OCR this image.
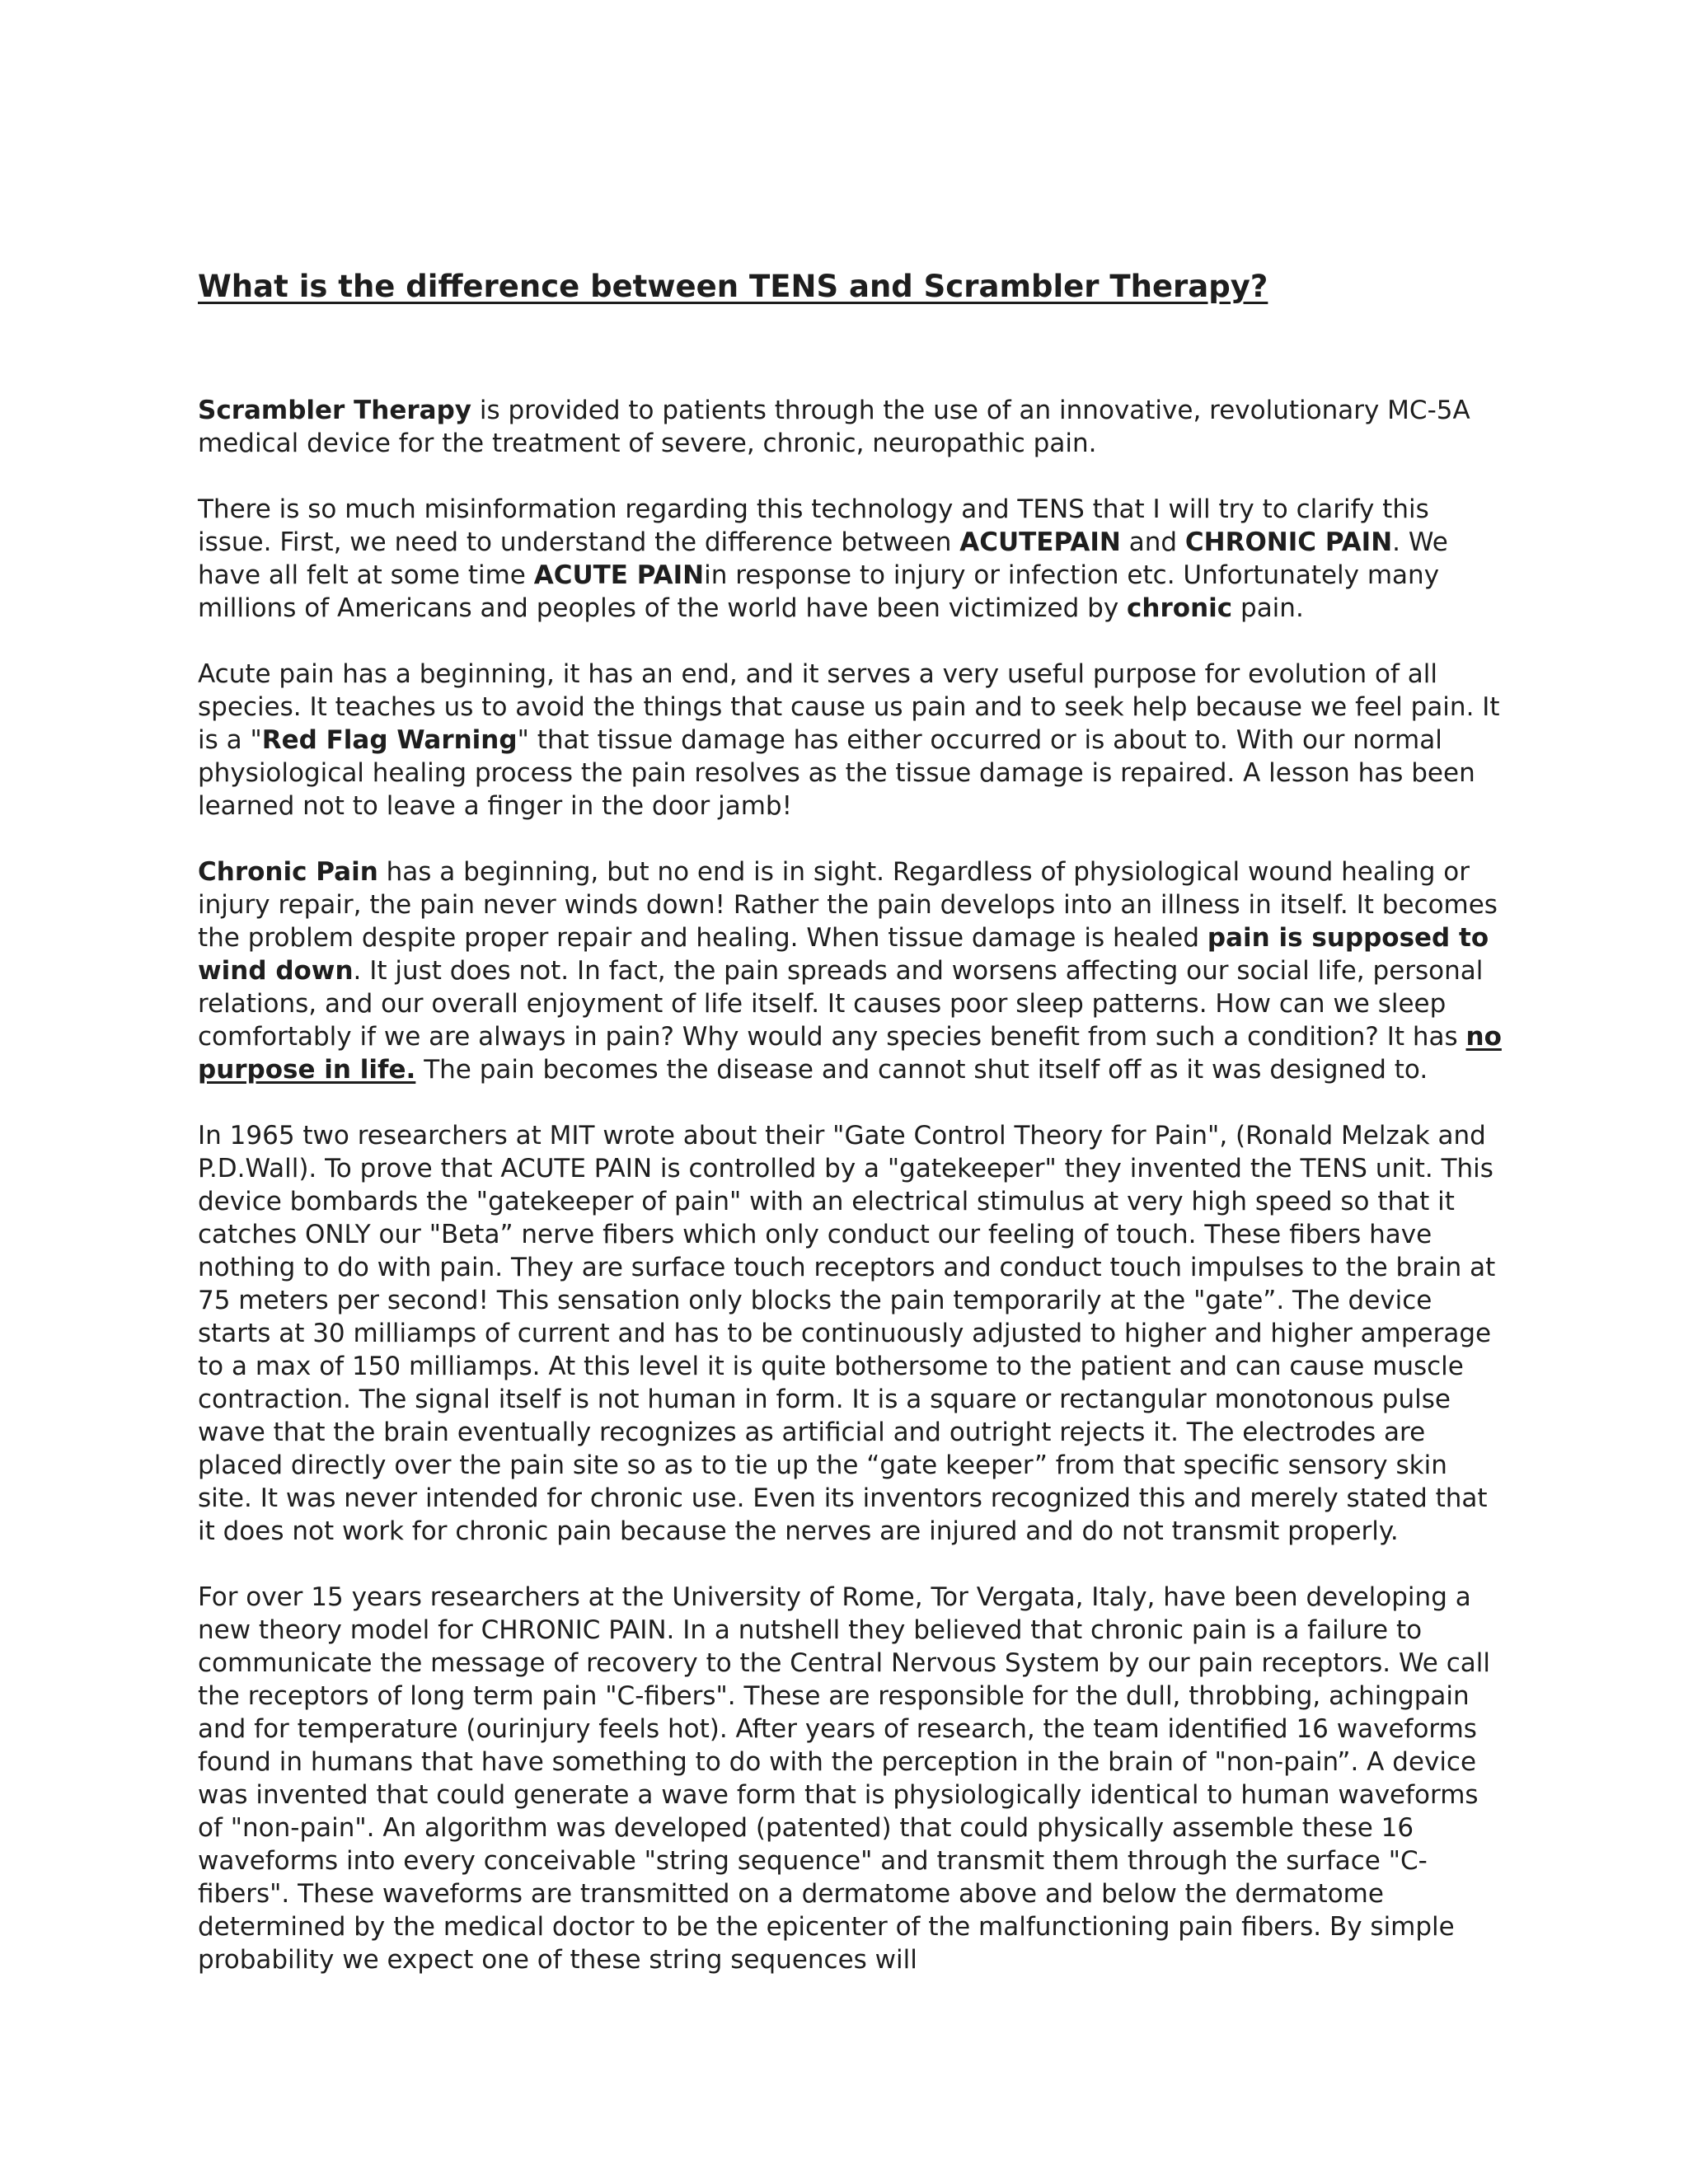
What is the difference between TENS and Scrambler Therapy?

Scrambler Therapy is provided to patients through the use of an innovative, revolutionary MC-5A medical device for the treatment of severe, chronic, neuropathic pain.

There is so much misinformation regarding this technology and TENS that I will try to clarify this issue. First, we need to understand the difference between ACUTEPAIN and CHRONIC PAIN. We have all felt at some time ACUTE PAINin response to injury or infection etc. Unfortunately many millions of Americans and peoples of the world have been victimized by chronic pain.

Acute pain has a beginning, it has an end, and it serves a very useful purpose for evolution of all species. It teaches us to avoid the things that cause us pain and to seek help because we feel pain. It is a "Red Flag Warning" that tissue damage has either occurred or is about to. With our normal physiological healing process the pain resolves as the tissue damage is repaired. A lesson has been learned not to leave a finger in the door jamb!

Chronic Pain has a beginning, but no end is in sight. Regardless of physiological wound healing or injury repair, the pain never winds down! Rather the pain develops into an illness in itself. It becomes the problem despite proper repair and healing. When tissue damage is healed pain is supposed to wind down. It just does not. In fact, the pain spreads and worsens affecting our social life, personal relations, and our overall enjoyment of life itself. It causes poor sleep patterns. How can we sleep comfortably if we are always in pain? Why would any species benefit from such a condition? It has no purpose in life. The pain becomes the disease and cannot shut itself off as it was designed to.

In 1965 two researchers at MIT wrote about their "Gate Control Theory for Pain", (Ronald Melzak and P.D.Wall). To prove that ACUTE PAIN is controlled by a "gatekeeper" they invented the TENS unit. This device bombards the "gatekeeper of pain" with an electrical stimulus at very high speed so that it catches ONLY our "Beta” nerve fibers which only conduct our feeling of touch. These fibers have nothing to do with pain. They are surface touch receptors and conduct touch impulses to the brain at 75 meters per second! This sensation only blocks the pain temporarily at the "gate”. The device starts at 30 milliamps of current and has to be continuously adjusted to higher and higher amperage to a max of 150 milliamps. At this level it is quite bothersome to the patient and can cause muscle contraction. The signal itself is not human in form. It is a square or rectangular monotonous pulse wave that the brain eventually recognizes as artificial and outright rejects it. The electrodes are placed directly over the pain site so as to tie up the “gate keeper” from that specific sensory skin site. It was never intended for chronic use. Even its inventors recognized this and merely stated that it does not work for chronic pain because the nerves are injured and do not transmit properly.

For over 15 years researchers at the University of Rome, Tor Vergata, Italy, have been developing a new theory model for CHRONIC PAIN. In a nutshell they believed that chronic pain is a failure to communicate the message of recovery to the Central Nervous System by our pain receptors. We call the receptors of long term pain "C-fibers". These are responsible for the dull, throbbing, achingpain and for temperature (ourinjury feels hot). After years of research, the team identified 16 waveforms found in humans that have something to do with the perception in the brain of "non-pain”. A device was invented that could generate a wave form that is physiologically identical to human waveforms of "non-pain". An algorithm was developed (patented) that could physically assemble these 16 waveforms into every conceivable "string sequence" and transmit them through the surface "C-fibers". These waveforms are transmitted on a dermatome above and below the dermatome determined by the medical doctor to be the epicenter of the malfunctioning pain fibers. By simple probability we expect one of these string sequences will
